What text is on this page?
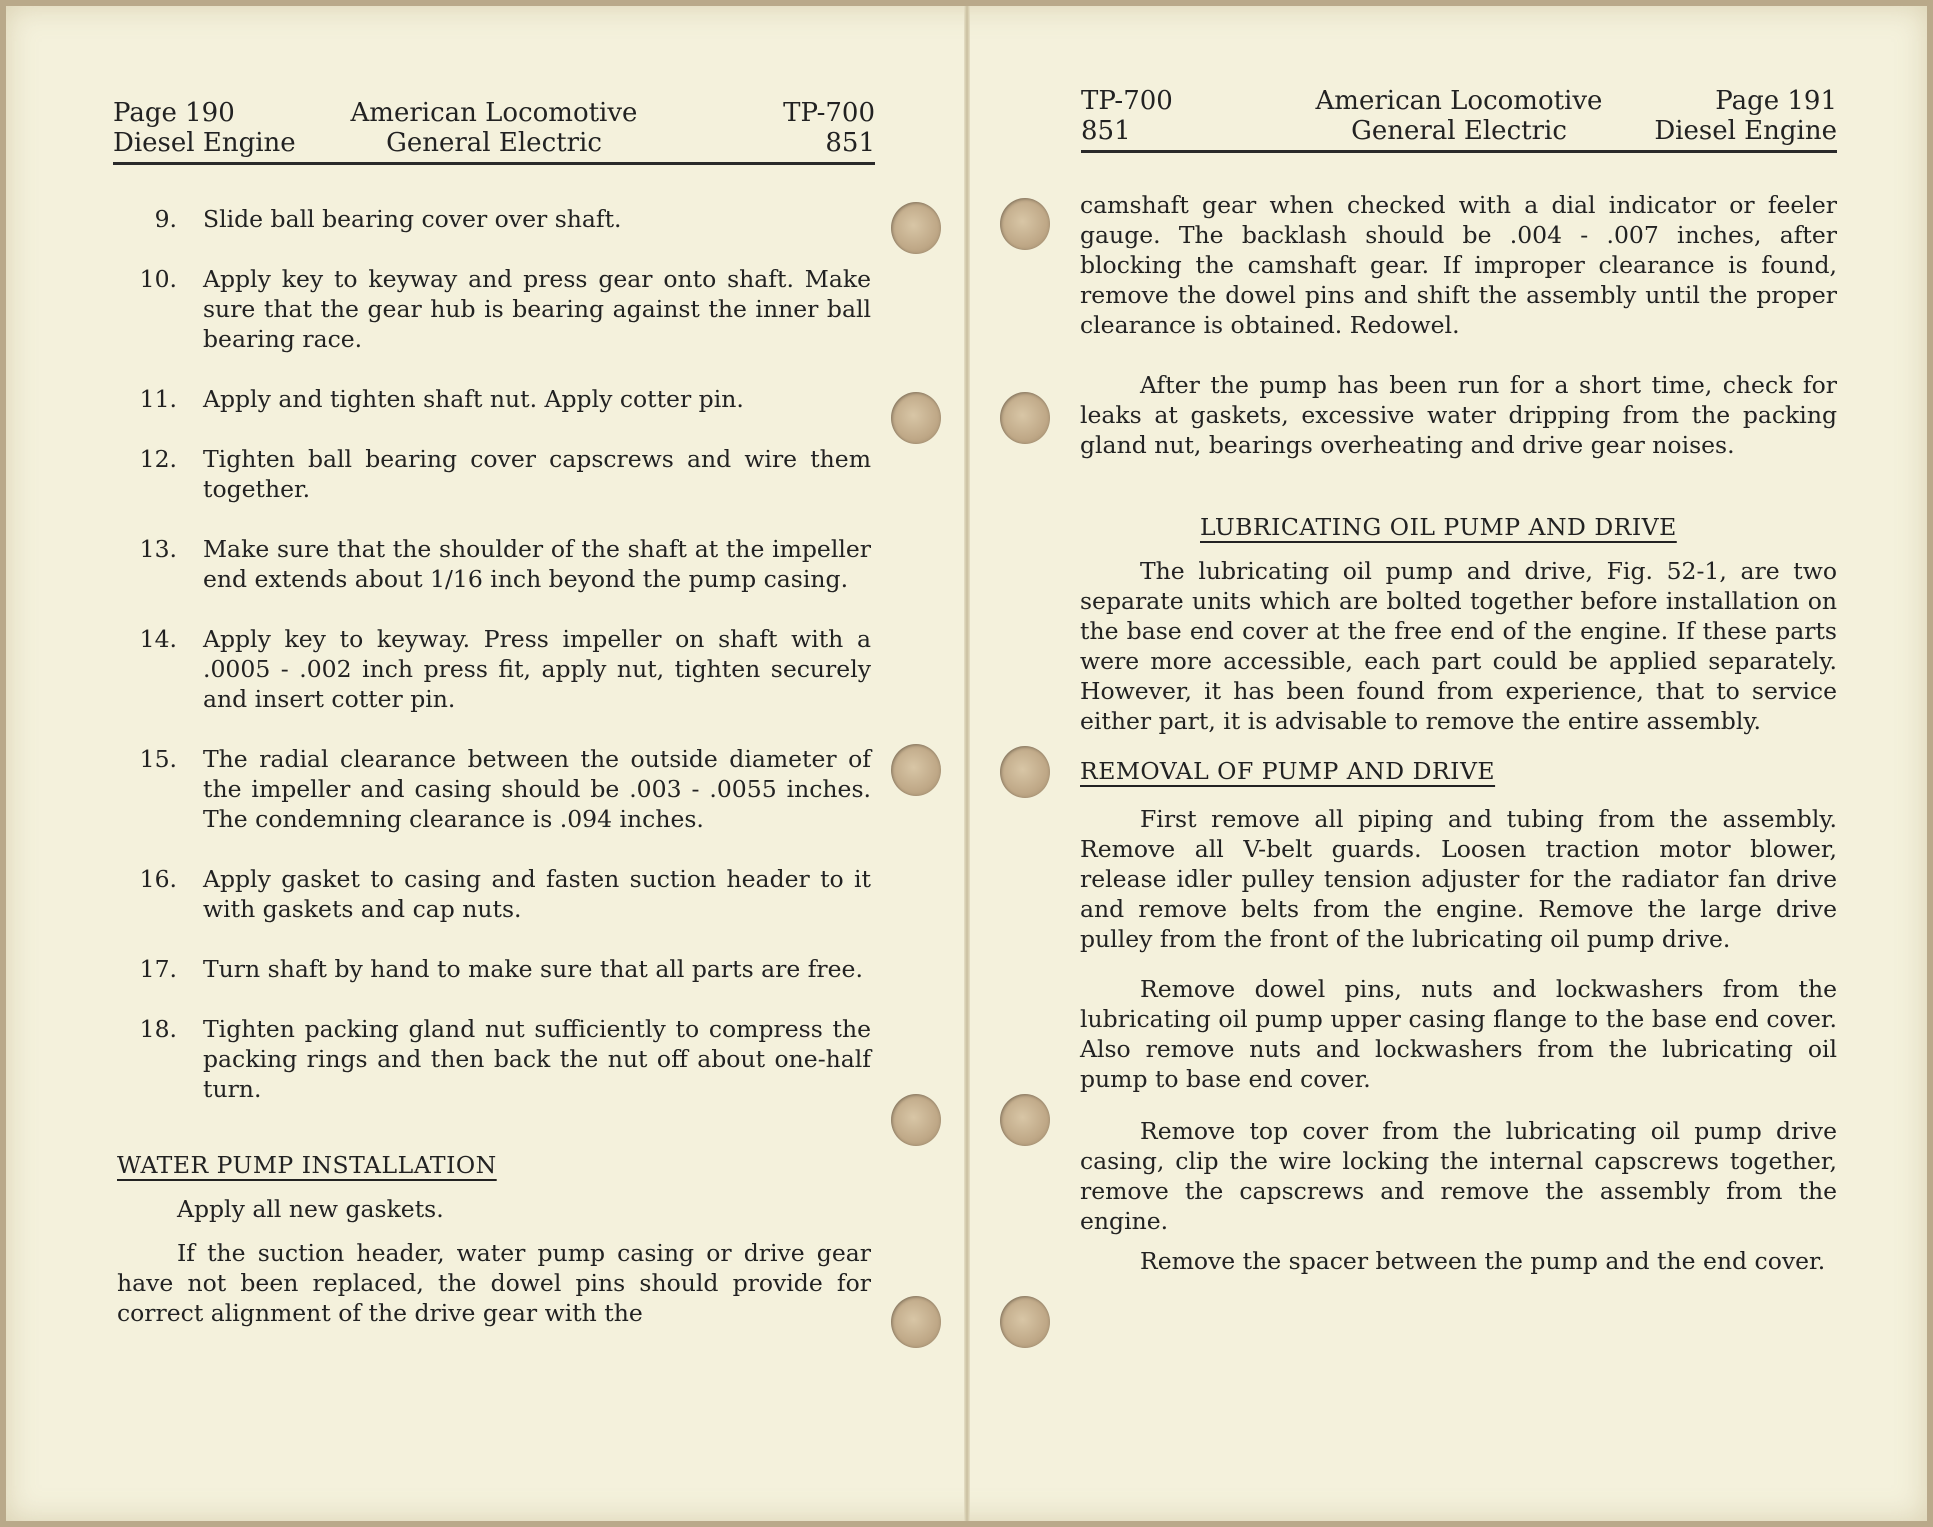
Page 190	American Locomotive	TP-700
Diesel Engine	General Electric	851
9.	Slide ball bearing cover over shaft.
10.	Apply key to keyway and press gear onto shaft. Make sure that the gear hub is bearing against the inner ball bearing race.
11.	Apply and tighten shaft nut. Apply cotter pin.
12.	Tighten ball bearing cover capscrews and wire them together.
13.	Make sure that the shoulder of the shaft at the impeller end extends about 1/16 inch beyond the pump casing.
14.	Apply key to keyway. Press impeller on shaft with a .0005 - .002 inch press fit, apply nut, tighten securely and insert cotter pin.
15.	The radial clearance between the outside diameter of the impeller and casing should be .003 - .0055 inches. The condemning clearance is .094 inches.
16.	Apply gasket to casing and fasten suction header to it with gaskets and cap nuts.
17.	Turn shaft by hand to make sure that all parts are free.
18.	Tighten packing gland nut sufficiently to compress the packing rings and then back the nut off about one-half turn.
WATER PUMP INSTALLATION

Apply all new gaskets.

If the suction header, water pump casing or drive gear have not been replaced, the dowel pins should provide for correct alignment of the drive gear with the

TP-700	American Locomotive	Page 191
851	General Electric	Diesel Engine

camshaft gear when checked with a dial indicator or feeler gauge. The backlash should be .004 - .007 inches, after blocking the camshaft gear. If improper clearance is found, remove the dowel pins and shift the assembly until the proper clearance is obtained. Redowel.

After the pump has been run for a short time, check for leaks at gaskets, excessive water dripping from the packing gland nut, bearings overheating and drive gear noises.

LUBRICATING OIL PUMP AND DRIVE

The lubricating oil pump and drive, Fig. 52-1, are two separate units which are bolted together before installation on the base end cover at the free end of the engine. If these parts were more accessible, each part could be applied separately. However, it has been found from experience, that to service either part, it is advisable to remove the entire assembly.

REMOVAL OF PUMP AND DRIVE

First remove all piping and tubing from the assembly. Remove all V-belt guards. Loosen traction motor blower, release idler pulley tension adjuster for the radiator fan drive and remove belts from the engine. Remove the large drive pulley from the front of the lubricating oil pump drive.

Remove dowel pins, nuts and lockwashers from the lubricating oil pump upper casing flange to the base end cover. Also remove nuts and lockwashers from the lubricating oil pump to base end cover.

Remove top cover from the lubricating oil pump drive casing, clip the wire locking the internal capscrews together, remove the capscrews and remove the assembly from the engine.

Remove the spacer between the pump and the end cover.
